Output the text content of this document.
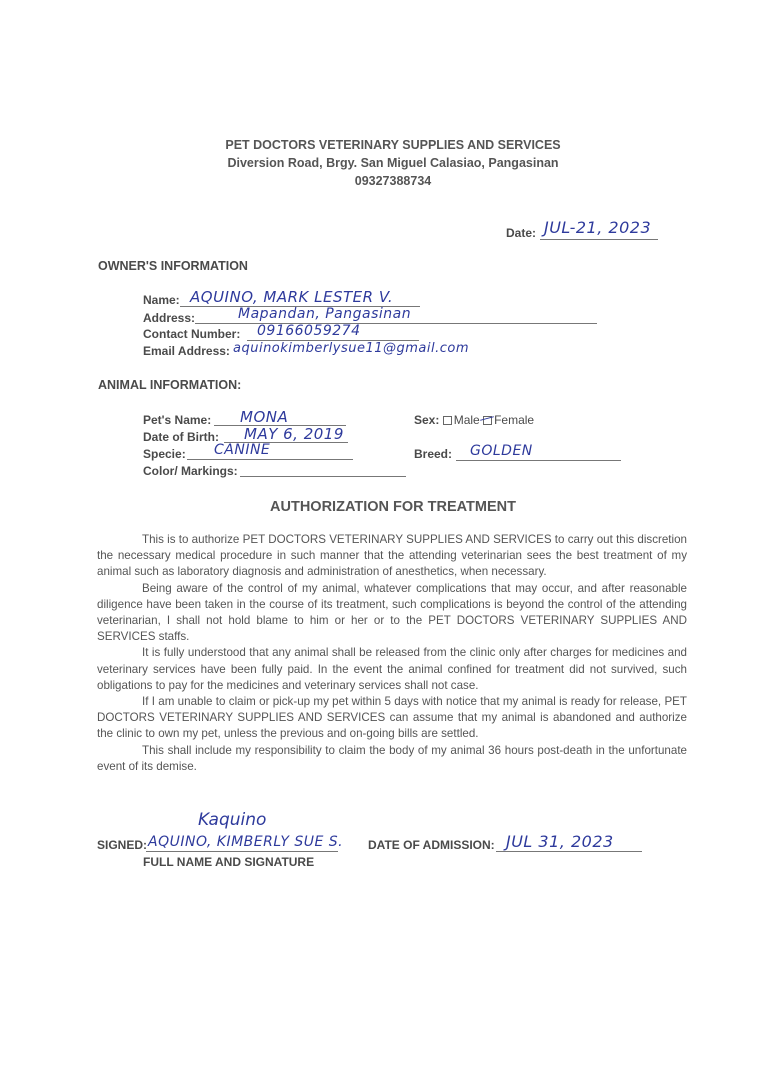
PET DOCTORS VETERINARY SUPPLIES AND SERVICES
Diversion Road, Brgy. San Miguel Calasiao, Pangasinan
09327388734
Date: JUL-21, 2023
OWNER'S INFORMATION
Name: AQUINO, MARK LESTER V.
Address:	Mapandan, Pangasinan
Contact Number: 09166059274
Email Address: aquinokimberlysue11@gmail.com
ANIMAL INFORMATION:
Pet's Name: MONA
Date of Birth: MAY 6, 2019
Specie: CANINE
Color/ Markings:
Sex: Male Female
Breed: GOLDEN
AUTHORIZATION FOR TREATMENT

This is to authorize PET DOCTORS VETERINARY SUPPLIES AND SERVICES to carry out this discretion the necessary medical procedure in such manner that the attending veterinarian sees the best treatment of my animal such as laboratory diagnosis and administration of anesthetics, when necessary.

Being aware of the control of my animal, whatever complications that may occur, and after reasonable diligence have been taken in the course of its treatment, such complications is beyond the control of the attending veterinarian, I shall not hold blame to him or her or to the PET DOCTORS VETERINARY SUPPLIES AND SERVICES staffs.

It is fully understood that any animal shall be released from the clinic only after charges for medicines and veterinary services have been fully paid. In the event the animal confined for treatment did not survived, such obligations to pay for the medicines and veterinary services shall not case.

If I am unable to claim or pick-up my pet within 5 days with notice that my animal is ready for release, PET DOCTORS VETERINARY SUPPLIES AND SERVICES can assume that my animal is abandoned and authorize the clinic to own my pet, unless the previous and on-going bills are settled.

This shall include my responsibility to claim the body of my animal 36 hours post-death in the unfortunate event of its demise.

Kaquino
SIGNED: AQUINO, KIMBERLY SUE S.
FULL NAME AND SIGNATURE
DATE OF ADMISSION: JUL 31, 2023
